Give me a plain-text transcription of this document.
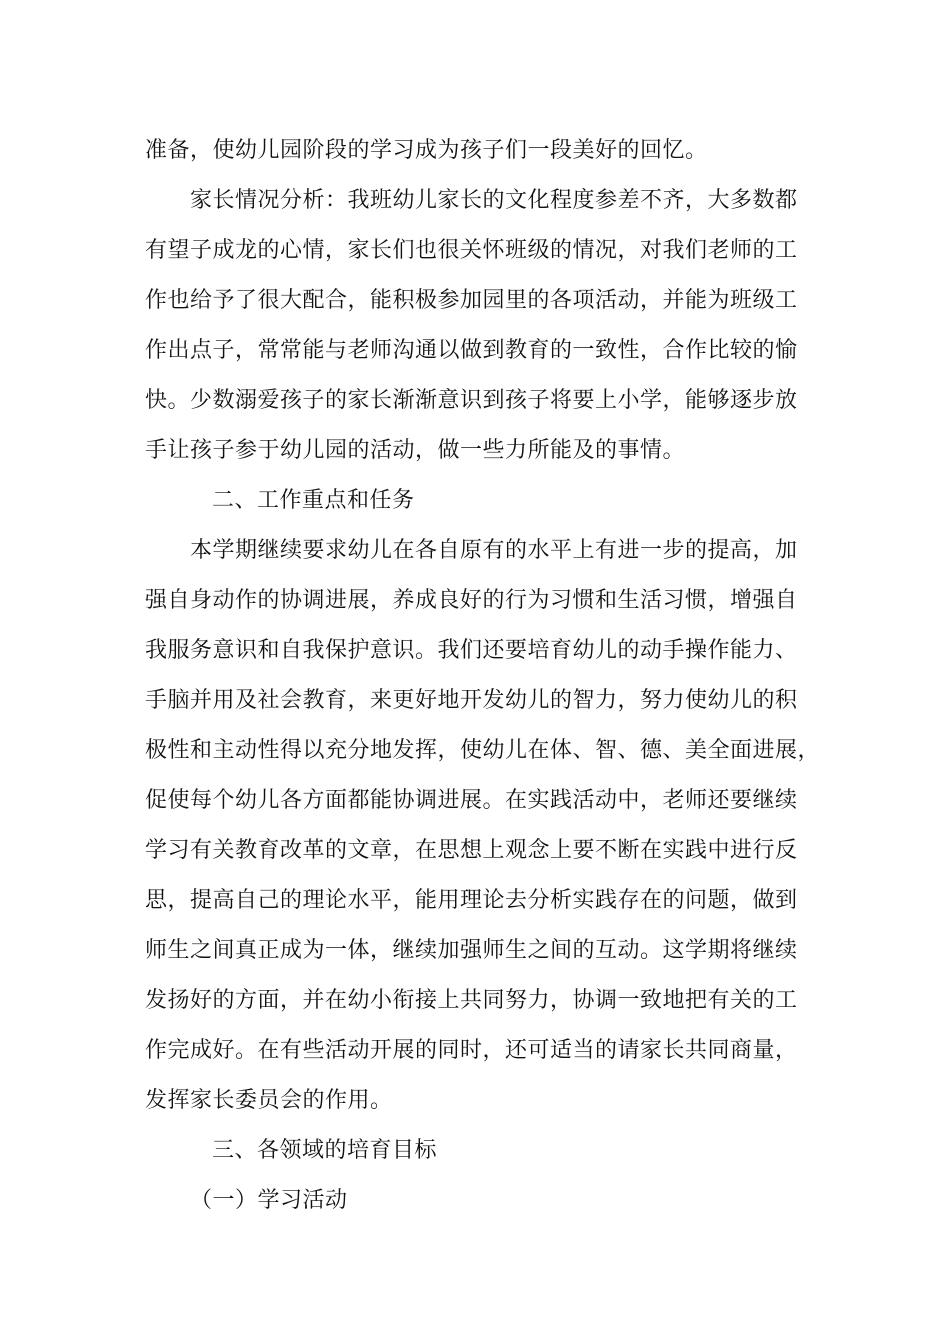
准备，使幼儿园阶段的学习成为孩子们一段美好的回忆。
家长情况分析：我班幼儿家长的文化程度参差不齐，大多数都
有望子成龙的心情，家长们也很关怀班级的情况，对我们老师的工
作也给予了很大配合，能积极参加园里的各项活动，并能为班级工
作出点子，常常能与老师沟通以做到教育的一致性，合作比较的愉
快。少数溺爱孩子的家长渐渐意识到孩子将要上小学，能够逐步放
手让孩子参于幼儿园的活动，做一些力所能及的事情。
二、工作重点和任务
本学期继续要求幼儿在各自原有的水平上有进一步的提高，加
强自身动作的协调进展，养成良好的行为习惯和生活习惯，增强自
我服务意识和自我保护意识。我们还要培育幼儿的动手操作能力、
手脑并用及社会教育，来更好地开发幼儿的智力，努力使幼儿的积
极性和主动性得以充分地发挥，使幼儿在体、智、德、美全面进展，
促使每个幼儿各方面都能协调进展。在实践活动中，老师还要继续
学习有关教育改革的文章，在思想上观念上要不断在实践中进行反
思，提高自己的理论水平，能用理论去分析实践存在的问题，做到
师生之间真正成为一体，继续加强师生之间的互动。这学期将继续
发扬好的方面，并在幼小衔接上共同努力，协调一致地把有关的工
作完成好。在有些活动开展的同时，还可适当的请家长共同商量，
发挥家长委员会的作用。
三、各领域的培育目标
（一）学习活动
